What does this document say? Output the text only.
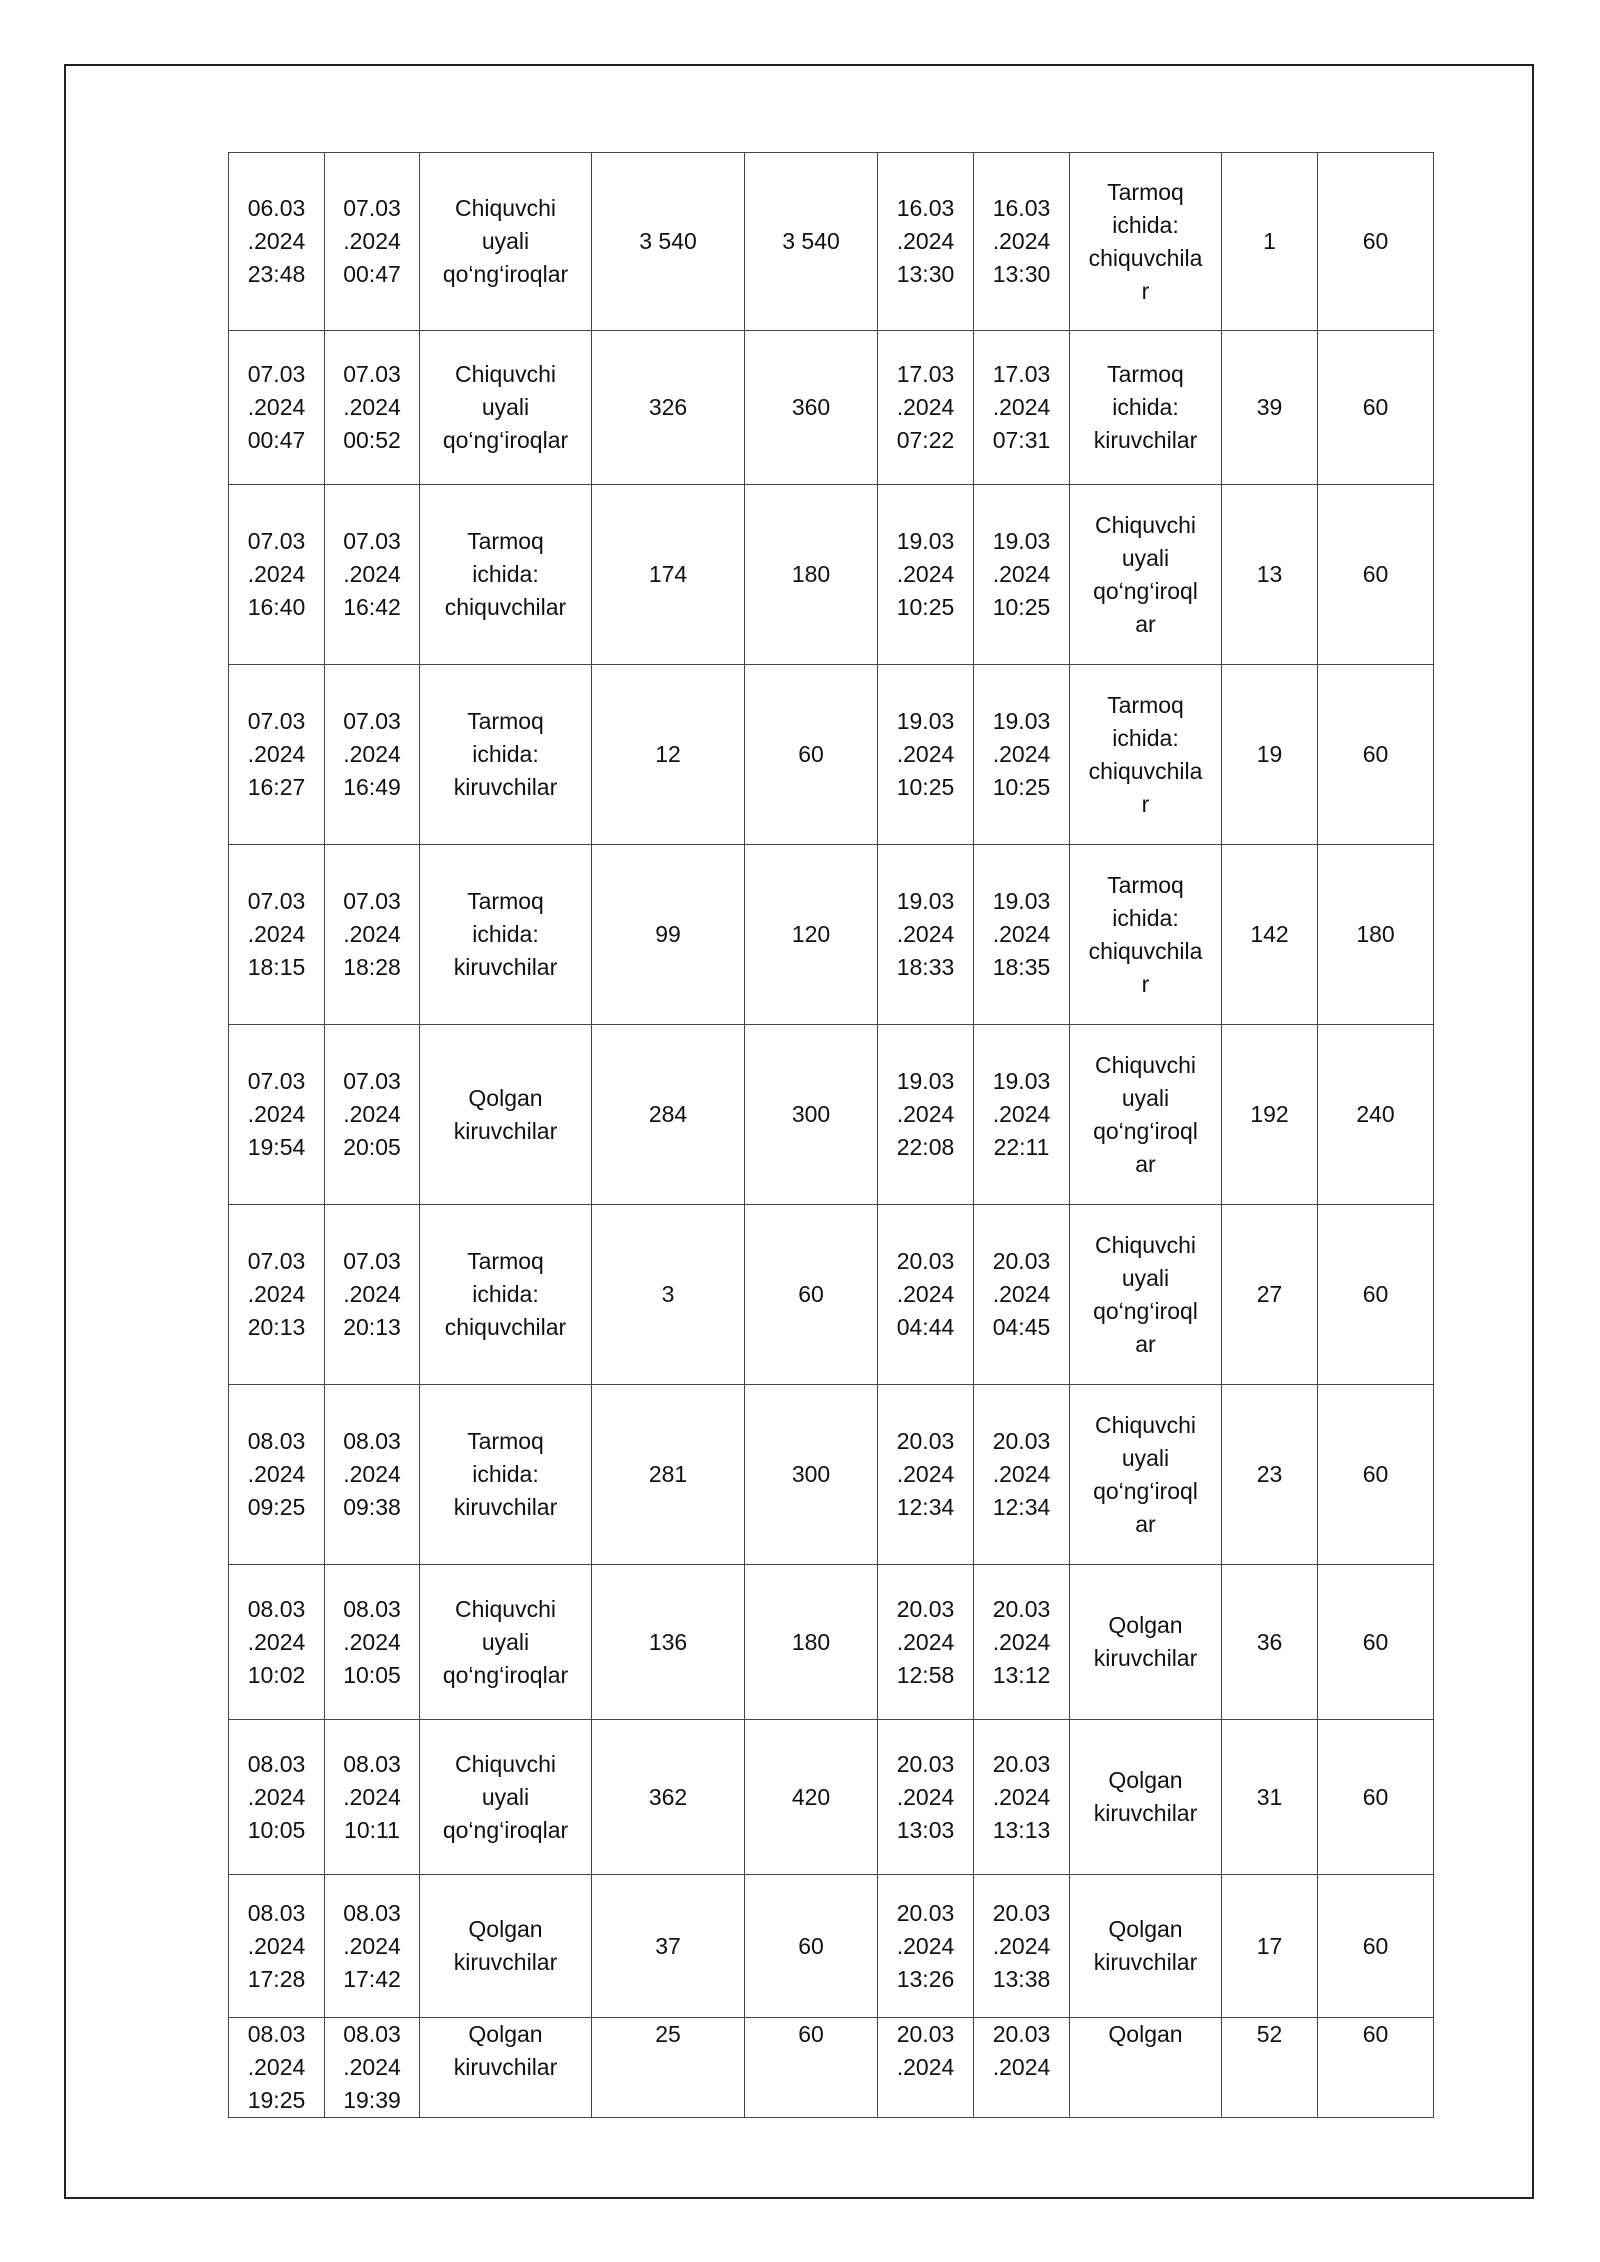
06.03
.2024
23:48	07.03
.2024
00:47	Chiquvchi
uyali
qo‘ng‘iroqlar	3 540	3 540	16.03
.2024
13:30	16.03
.2024
13:30	Tarmoq
ichida:
chiquvchila
r	1	60

07.03
.2024
00:47	07.03
.2024
00:52	Chiquvchi
uyali
qo‘ng‘iroqlar	326	360	17.03
.2024
07:22	17.03
.2024
07:31	Tarmoq
ichida:
kiruvchilar	39	60

07.03
.2024
16:40	07.03
.2024
16:42	Tarmoq
ichida:
chiquvchilar	174	180	19.03
.2024
10:25	19.03
.2024
10:25	Chiquvchi
uyali
qo‘ng‘iroql
ar	13	60

07.03
.2024
16:27	07.03
.2024
16:49	Tarmoq
ichida:
kiruvchilar	12	60	19.03
.2024
10:25	19.03
.2024
10:25	Tarmoq
ichida:
chiquvchila
r	19	60

07.03
.2024
18:15	07.03
.2024
18:28	Tarmoq
ichida:
kiruvchilar	99	120	19.03
.2024
18:33	19.03
.2024
18:35	Tarmoq
ichida:
chiquvchila
r	142	180

07.03
.2024
19:54	07.03
.2024
20:05	Qolgan
kiruvchilar	284	300	19.03
.2024
22:08	19.03
.2024
22:11	Chiquvchi
uyali
qo‘ng‘iroql
ar	192	240

07.03
.2024
20:13	07.03
.2024
20:13	Tarmoq
ichida:
chiquvchilar	3	60	20.03
.2024
04:44	20.03
.2024
04:45	Chiquvchi
uyali
qo‘ng‘iroql
ar	27	60

08.03
.2024
09:25	08.03
.2024
09:38	Tarmoq
ichida:
kiruvchilar	281	300	20.03
.2024
12:34	20.03
.2024
12:34	Chiquvchi
uyali
qo‘ng‘iroql
ar	23	60

08.03
.2024
10:02	08.03
.2024
10:05	Chiquvchi
uyali
qo‘ng‘iroqlar	136	180	20.03
.2024
12:58	20.03
.2024
13:12	Qolgan
kiruvchilar	36	60

08.03
.2024
10:05	08.03
.2024
10:11	Chiquvchi
uyali
qo‘ng‘iroqlar	362	420	20.03
.2024
13:03	20.03
.2024
13:13	Qolgan
kiruvchilar	31	60

08.03
.2024
17:28	08.03
.2024
17:42	Qolgan
kiruvchilar	37	60	20.03
.2024
13:26	20.03
.2024
13:38	Qolgan
kiruvchilar	17	60

08.03
.2024
19:25	08.03
.2024
19:39	Qolgan
kiruvchilar	25	60	20.03
.2024	20.03
.2024	Qolgan	52	60
